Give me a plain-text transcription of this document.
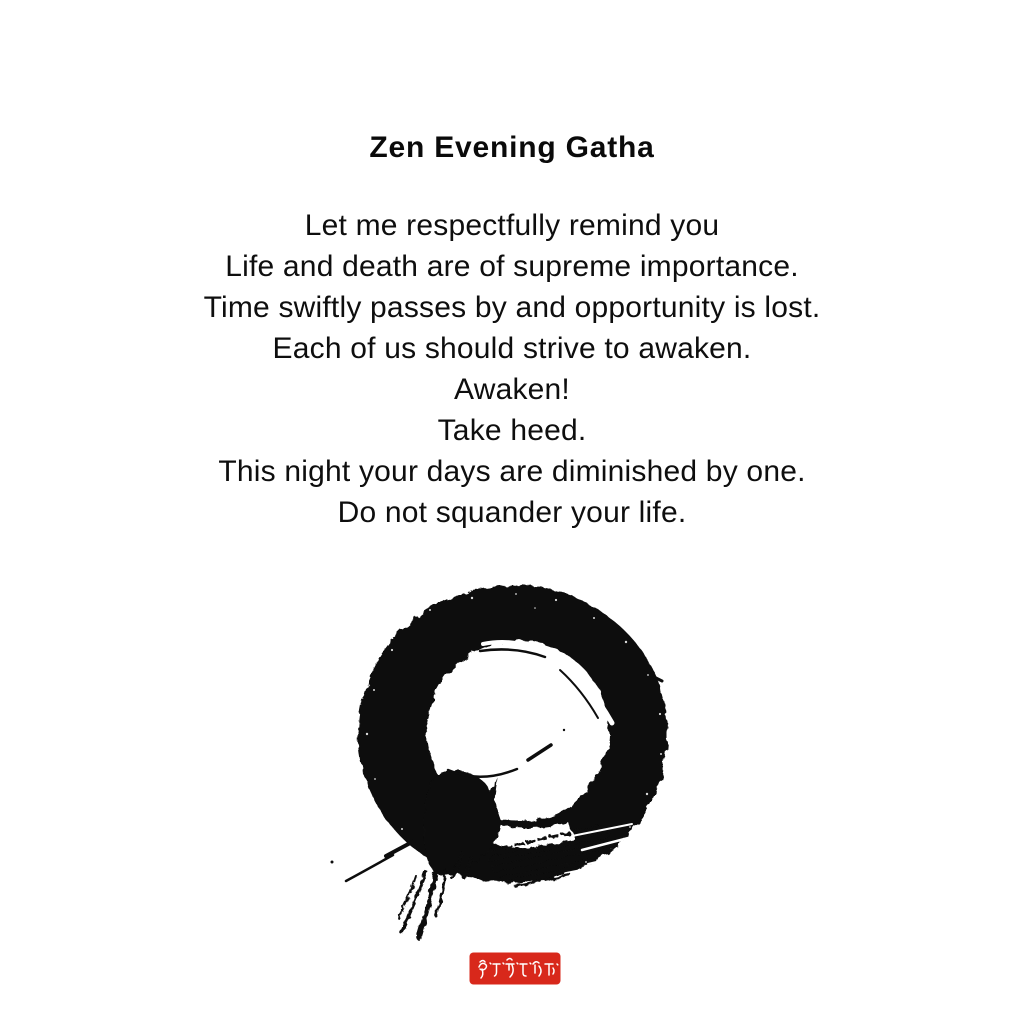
Zen Evening Gatha
Let me respectfully remind you
Life and death are of supreme importance.
Time swiftly passes by and opportunity is lost.
Each of us should strive to awaken.
Awaken!
Take heed.
This night your days are diminished by one.
Do not squander your life.
